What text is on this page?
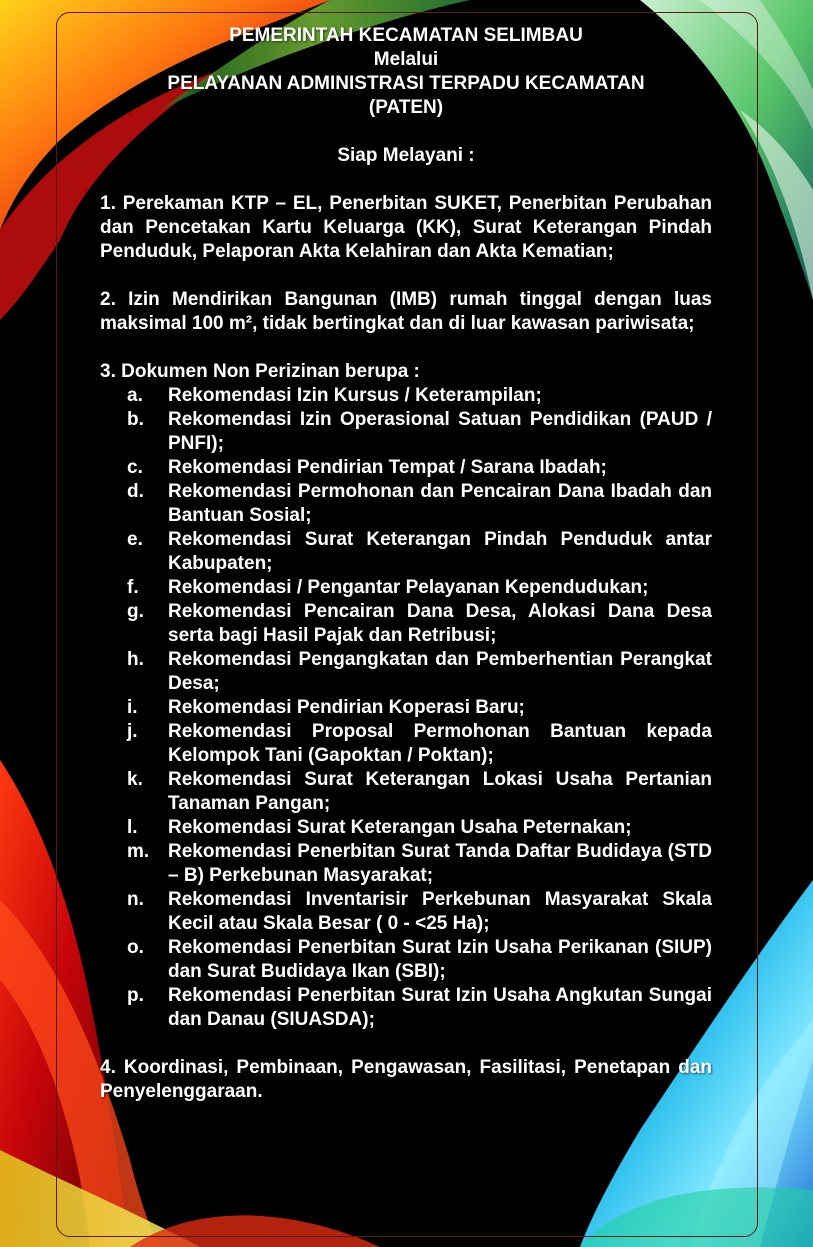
PEMERINTAH KECAMATAN SELIMBAU
Melalui
PELAYANAN ADMINISTRASI TERPADU KECAMATAN
(PATEN)
Siap Melayani :
1. Perekaman KTP – EL, Penerbitan SUKET, Penerbitan Perubahan dan Pencetakan Kartu Keluarga (KK), Surat Keterangan Pindah Penduduk, Pelaporan Akta Kelahiran dan Akta Kematian;
2. Izin Mendirikan Bangunan (IMB) rumah tinggal dengan luas maksimal 100 m², tidak bertingkat dan di luar kawasan pariwisata;
3. Dokumen Non Perizinan berupa :
a.	Rekomendasi Izin Kursus / Keterampilan;
b.	Rekomendasi Izin Operasional Satuan Pendidikan (PAUD / PNFI);
c.	Rekomendasi Pendirian Tempat / Sarana Ibadah;
d.	Rekomendasi Permohonan dan Pencairan Dana Ibadah dan Bantuan Sosial;
e.	Rekomendasi Surat Keterangan Pindah Penduduk antar Kabupaten;
f.	Rekomendasi / Pengantar Pelayanan Kependudukan;
g.	Rekomendasi Pencairan Dana Desa, Alokasi Dana Desa serta bagi Hasil Pajak dan Retribusi;
h.	Rekomendasi Pengangkatan dan Pemberhentian Perangkat Desa;
i.	Rekomendasi Pendirian Koperasi Baru;
j.	Rekomendasi Proposal Permohonan Bantuan kepada Kelompok Tani (Gapoktan / Poktan);
k.	Rekomendasi Surat Keterangan Lokasi Usaha Pertanian Tanaman Pangan;
l.	Rekomendasi Surat Keterangan Usaha Peternakan;
m. Rekomendasi Penerbitan Surat Tanda Daftar Budidaya (STD – B) Perkebunan Masyarakat;
n.	Rekomendasi Inventarisir Perkebunan Masyarakat Skala Kecil atau Skala Besar ( 0 - <25 Ha);
o.	Rekomendasi Penerbitan Surat Izin Usaha Perikanan (SIUP) dan Surat Budidaya Ikan (SBI);
p.	Rekomendasi Penerbitan Surat Izin Usaha Angkutan Sungai dan Danau (SIUASDA);
4. Koordinasi, Pembinaan, Pengawasan, Fasilitasi, Penetapan dan Penyelenggaraan.
